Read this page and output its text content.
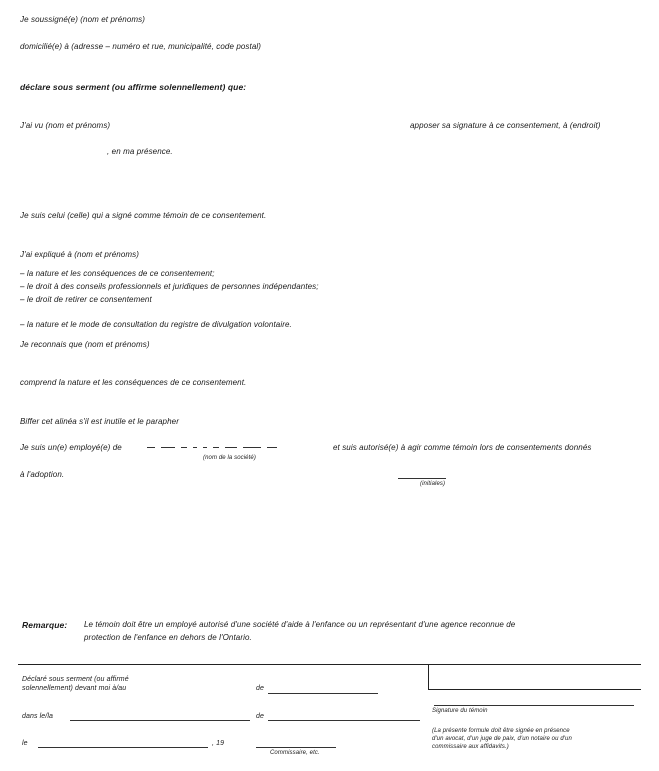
Je soussigné(e) (nom et prénoms)
domicilié(e) à (adresse – numéro et rue, municipalité, code postal)
déclare sous serment (ou affirme solennellement) que:
J'ai vu (nom et prénoms)	apposer sa signature à ce consentement, à (endroit)
, en ma présence.
Je suis celui (celle) qui a signé comme témoin de ce consentement.
J'ai expliqué à (nom et prénoms)
– la nature et les conséquences de ce consentement;
– le droit à des conseils professionnels et juridiques de personnes indépendantes;
– le droit de retirer ce consentement
– la nature et le mode de consultation du registre de divulgation volontaire.
Je reconnais que (nom et prénoms)
comprend la nature et les conséquences de ce consentement.
Biffer cet alinéa s'il est inutile et le parapher
Je suis un(e) employé(e) de
(nom de la société)
et suis autorisé(e) à agir comme témoin lors de consentements donnés
à l'adoption.
(initiales)
Remarque: Le témoin doit être un employé autorisé d'une société d'aide à l'enfance ou un représentant d'une agence reconnue de
protection de l'enfance en dehors de l'Ontario.
Déclaré sous serment (ou affirmé
solennellement) devant moi à/au	de
dans le/la	de
le	, 19
Commissaire, etc.
Signature du témoin
(La présente formule doit être signée en présence
d'un avocat, d'un juge de paix, d'un notaire ou d'un
commissaire aux affidavits.)
